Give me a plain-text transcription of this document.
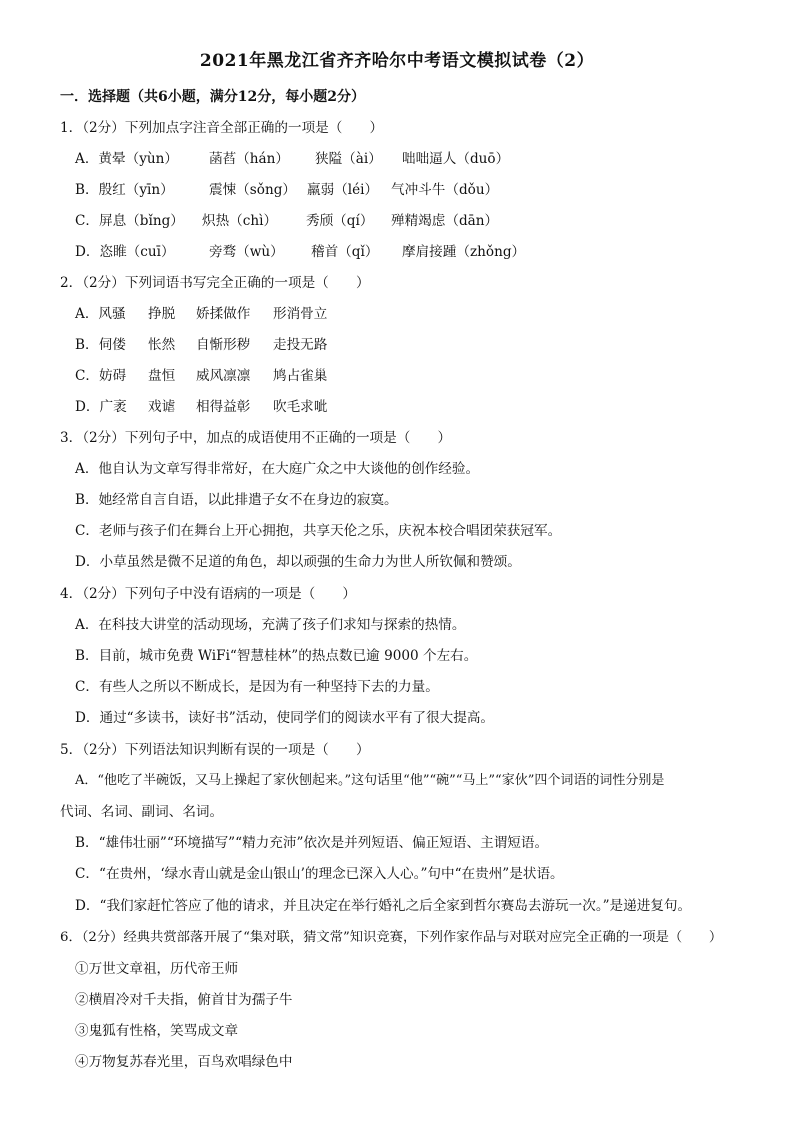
2021年黑龙江省齐齐哈尔中考语文模拟试卷（2）
一．选择题（共6小题，满分12分，每小题2分）
1．（2分）下列加点字注音全部正确的一项是（　　）
A．黄晕（yùn） 菡萏（hán） 狭隘（ài） 咄咄逼人（duō）
B．殷红（yīn）	震悚（sǒng） 羸弱（léi） 气冲斗牛（dǒu）
C．屏息（bǐng） 炽热（chì） 秀颀（qí） 殚精竭虑（dān）
D．恣睢（cuī）	旁骛（wù） 稽首（qǐ） 摩肩接踵（zhǒng）
2．（2分）下列词语书写完全正确的一项是（　　）
A．风骚 挣脱 娇揉做作 形消骨立
B．伺偻 怅然 自惭形秽 走投无路
C．妨碍 盘恒 威风凛凛 鸠占雀巢
D．广袤 戏谑 相得益彰 吹毛求呲
3．（2分）下列句子中，加点的成语使用不正确的一项是（　　）
A．他自认为文章写得非常好，在大庭广众之中大谈他的创作经验。
B．她经常自言自语，以此排遣子女不在身边的寂寞。
C．老师与孩子们在舞台上开心拥抱，共享天伦之乐，庆祝本校合唱团荣获冠军。
D．小草虽然是微不足道的角色，却以顽强的生命力为世人所钦佩和赞颂。
4．（2分）下列句子中没有语病的一项是（　　）
A．在科技大讲堂的活动现场，充满了孩子们求知与探索的热情。
B．目前，城市免费 WiFi“智慧桂林”的热点数已逾 9000 个左右。
C．有些人之所以不断成长，是因为有一种坚持下去的力量。
D．通过“多读书，读好书”活动，使同学们的阅读水平有了很大提高。
5．（2分）下列语法知识判断有误的一项是（　　）
A．“他吃了半碗饭，又马上操起了家伙刨起来。”这句话里“他”“碗”“马上”“家伙”四个词语的词性分别是
代词、名词、副词、名词。
B．“雄伟壮丽”“环境描写”“精力充沛”依次是并列短语、偏正短语、主谓短语。
C．“在贵州，‘绿水青山就是金山银山’的理念已深入人心。”句中“在贵州”是状语。
D．“我们家赶忙答应了他的请求，并且决定在举行婚礼之后全家到哲尔赛岛去游玩一次。”是递进复句。
6．（2分）经典共赏部落开展了“集对联，猜文常”知识竞赛，下列作家作品与对联对应完全正确的一项是（　　）
①万世文章祖，历代帝王师
②横眉冷对千夫指，俯首甘为孺子牛
③鬼狐有性格，笑骂成文章
④万物复苏春光里，百鸟欢唱绿色中
